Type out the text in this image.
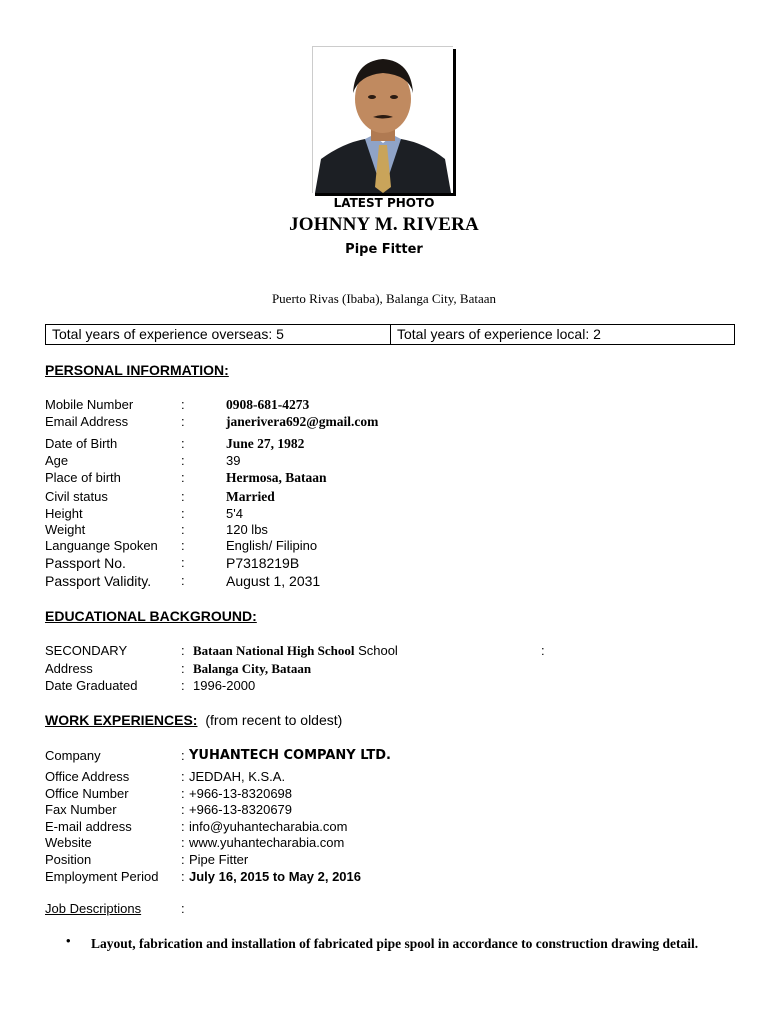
LATEST PHOTO
JOHNNY M. RIVERA
Pipe Fitter
Puerto Rivas (Ibaba), Balanga City, Bataan
Total years of experience overseas: 5	Total years of experience local: 2
PERSONAL INFORMATION:
Mobile Number	:	0908-681-4273
Email Address	:	janerivera692@gmail.com
Date of Birth	:	June 27, 1982
Age	:	39
Place of birth	:	Hermosa, Bataan
Civil status	:	Married
Height	:	5'4
Weight	:	120 lbs
Languange Spoken :	English/ Filipino
Passport No.	:	P7318219B
Passport Validity. :	August 1, 2031
EDUCATIONAL BACKGROUND:
SECONDARY	: Bataan National High School School	:
Address	: Balanga City, Bataan
Date Graduated	: 1996-2000
WORK EXPERIENCES: (from recent to oldest)
Company	: YUHANTECH COMPANY LTD.
Office Address	: JEDDAH, K.S.A.
Office Number	: +966-13-8320698
Fax Number	: +966-13-8320679
E-mail address	: info@yuhantecharabia.com
Website	: www.yuhantecharabia.com
Position	: Pipe Fitter
Employment Period : July 16, 2015 to May 2, 2016
Job Descriptions	:
• Layout, fabrication and installation of fabricated pipe spool in accordance to construction drawing detail.
